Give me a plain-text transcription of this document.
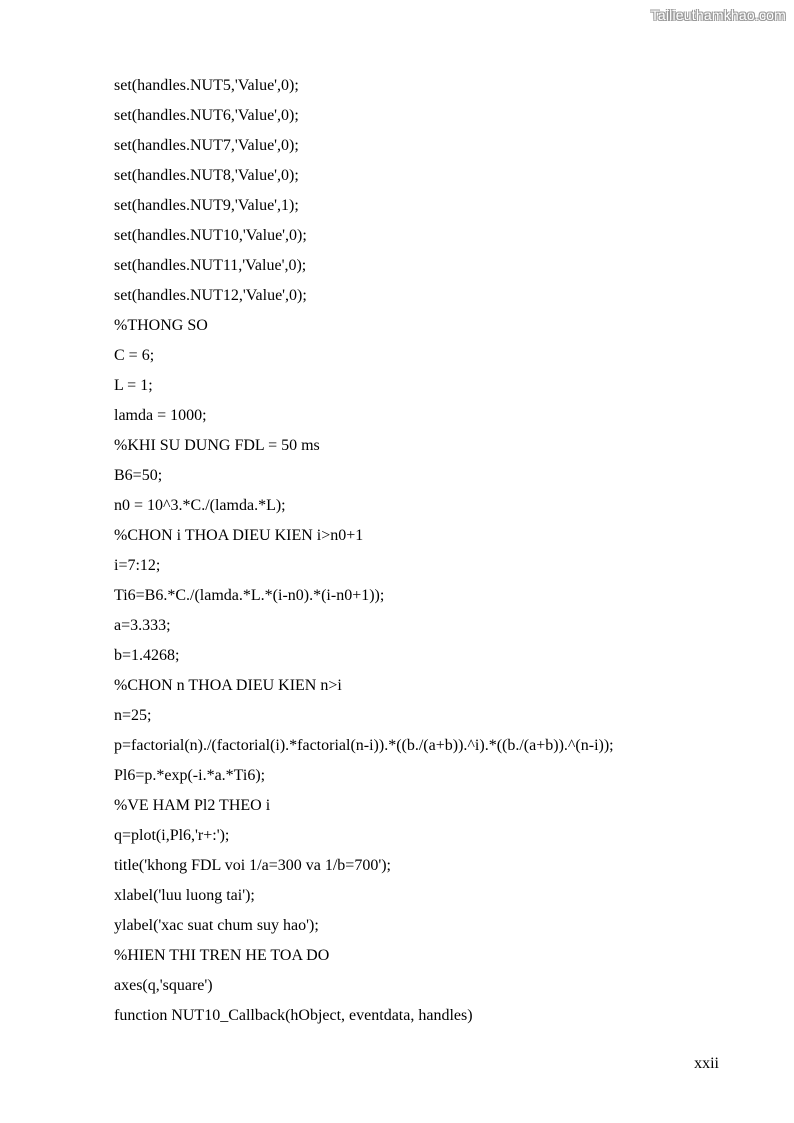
Tailieuthamkhao.com
set(handles.NUT5,'Value',0);
set(handles.NUT6,'Value',0);
set(handles.NUT7,'Value',0);
set(handles.NUT8,'Value',0);
set(handles.NUT9,'Value',1);
set(handles.NUT10,'Value',0);
set(handles.NUT11,'Value',0);
set(handles.NUT12,'Value',0);
%THONG SO
C = 6;
L = 1;
lamda = 1000;
%KHI SU DUNG FDL = 50 ms
B6=50;
n0 = 10^3.*C./(lamda.*L);
%CHON i THOA DIEU KIEN i>n0+1
i=7:12;
Ti6=B6.*C./(lamda.*L.*(i-n0).*(i-n0+1));
a=3.333;
b=1.4268;
%CHON n THOA DIEU KIEN n>i
n=25;
p=factorial(n)./(factorial(i).*factorial(n-i)).*((b./(a+b)).^i).*((b./(a+b)).^(n-i));
Pl6=p.*exp(-i.*a.*Ti6);
%VE HAM Pl2 THEO i
q=plot(i,Pl6,'r+:');
title('khong FDL voi 1/a=300 va 1/b=700');
xlabel('luu luong tai');
ylabel('xac suat chum suy hao');
%HIEN THI TREN HE TOA DO
axes(q,'square')
function NUT10_Callback(hObject, eventdata, handles)
xxii
